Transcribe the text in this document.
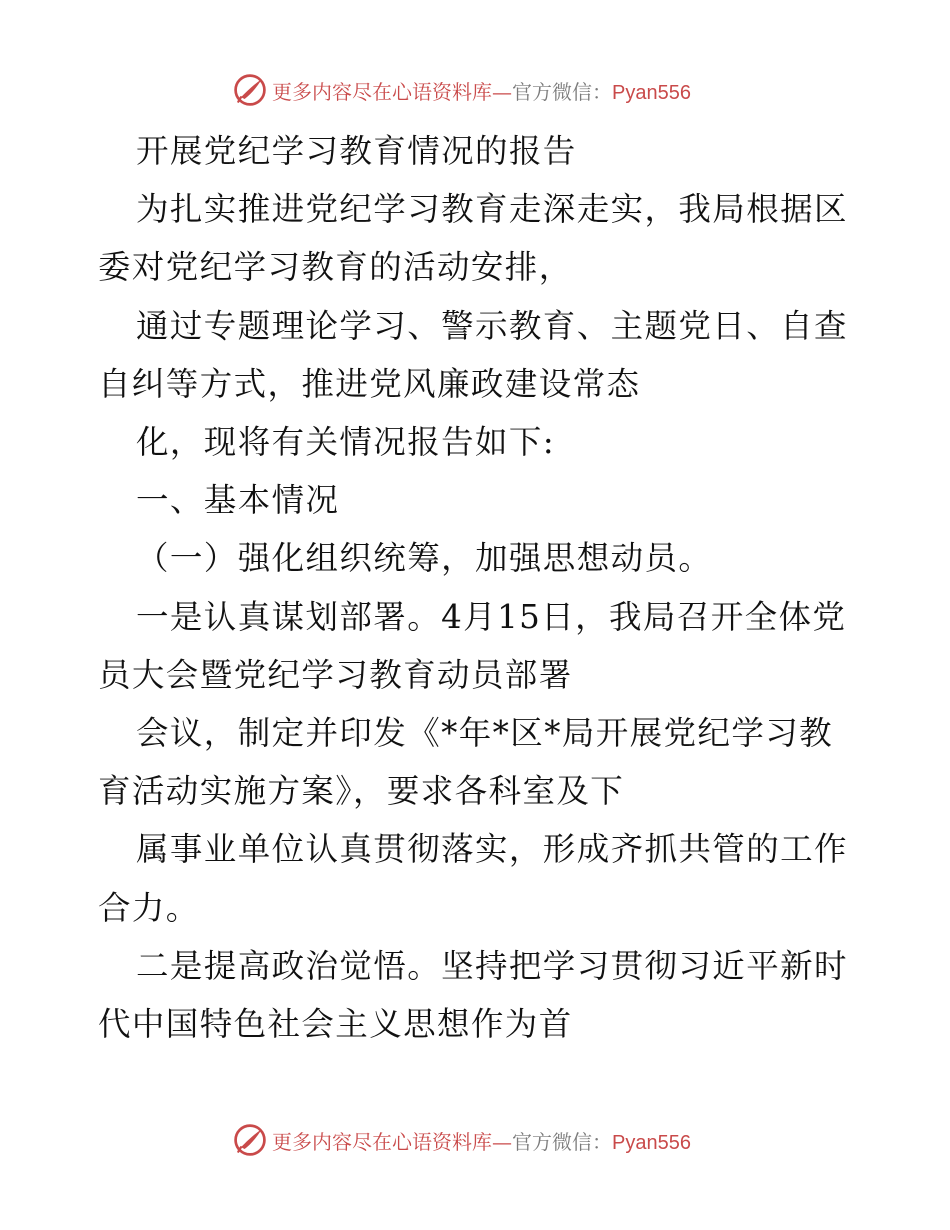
更多内容尽在心语资料库—官方微信：Pyan556

开展党纪学习教育情况的报告

为扎实推进党纪学习教育走深走实，我局根据区

委对党纪学习教育的活动安排，

通过专题理论学习、警示教育、主题党日、自查

自纠等方式，推进党风廉政建设常态

化，现将有关情况报告如下:

一、基本情况

（一）强化组织统筹，加强思想动员。

一是认真谋划部署。4月15日，我局召开全体党

员大会暨党纪学习教育动员部署

会议，制定并印发《*年*区*局开展党纪学习教

育活动实施方案》，要求各科室及下

属事业单位认真贯彻落实，形成齐抓共管的工作

合力。

二是提高政治觉悟。坚持把学习贯彻习近平新时

代中国特色社会主义思想作为首

更多内容尽在心语资料库—官方微信：Pyan556
